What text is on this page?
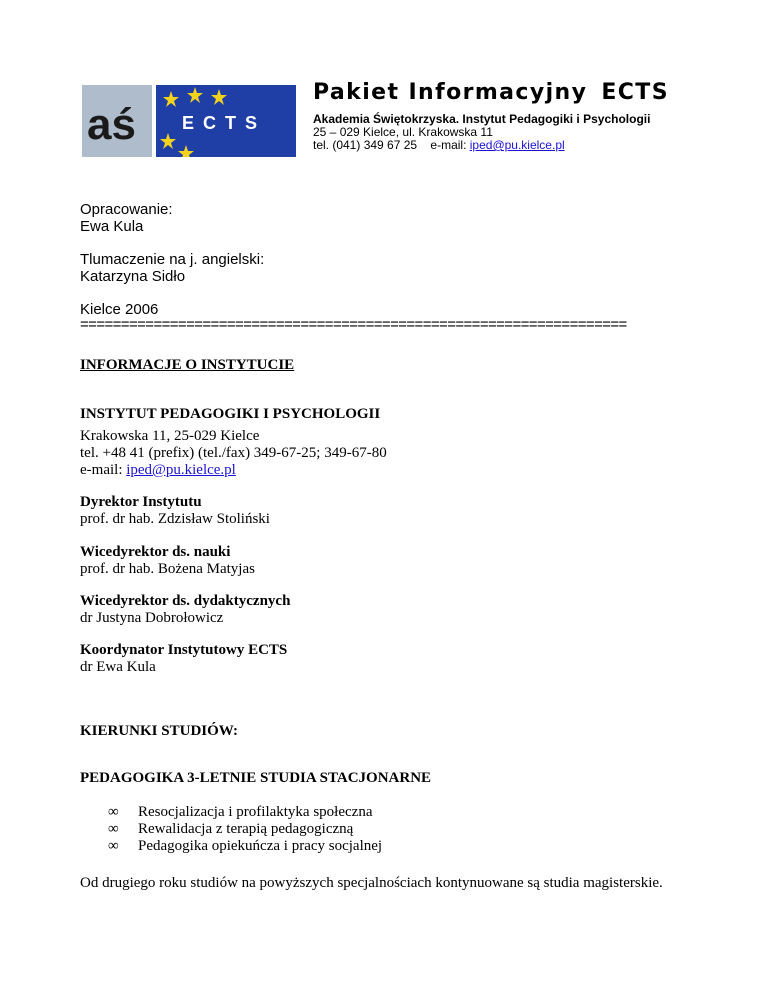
aś	E C T S
Pakiet Informacyjny ECTS
Akademia Świętokrzyska. Instytut Pedagogiki i Psychologii
25 – 029 Kielce, ul. Krakowska 11
tel. (041) 349 67 25    e-mail: iped@pu.kielce.pl
Opracowanie:
Ewa Kula
Tlumaczenie na j. angielski:
Katarzyna Sidło
Kielce 2006
===================================================================
INFORMACJE O INSTYTUCIE
INSTYTUT PEDAGOGIKI I PSYCHOLOGII
Krakowska 11, 25-029 Kielce
tel. +48 41 (prefix) (tel./fax) 349-67-25; 349-67-80
e-mail: iped@pu.kielce.pl
Dyrektor Instytutu
prof. dr hab. Zdzisław Stoliński
Wicedyrektor ds. nauki
prof. dr hab. Bożena Matyjas
Wicedyrektor ds. dydaktycznych
dr Justyna Dobrołowicz
Koordynator Instytutowy ECTS
dr Ewa Kula
KIERUNKI STUDIÓW:
PEDAGOGIKA 3-LETNIE STUDIA STACJONARNE
∞ Resocjalizacja i profilaktyka społeczna
∞ Rewalidacja z terapią pedagogiczną
∞ Pedagogika opiekuńcza i pracy socjalnej
Od drugiego roku studiów na powyższych specjalnościach kontynuowane są studia magisterskie.
